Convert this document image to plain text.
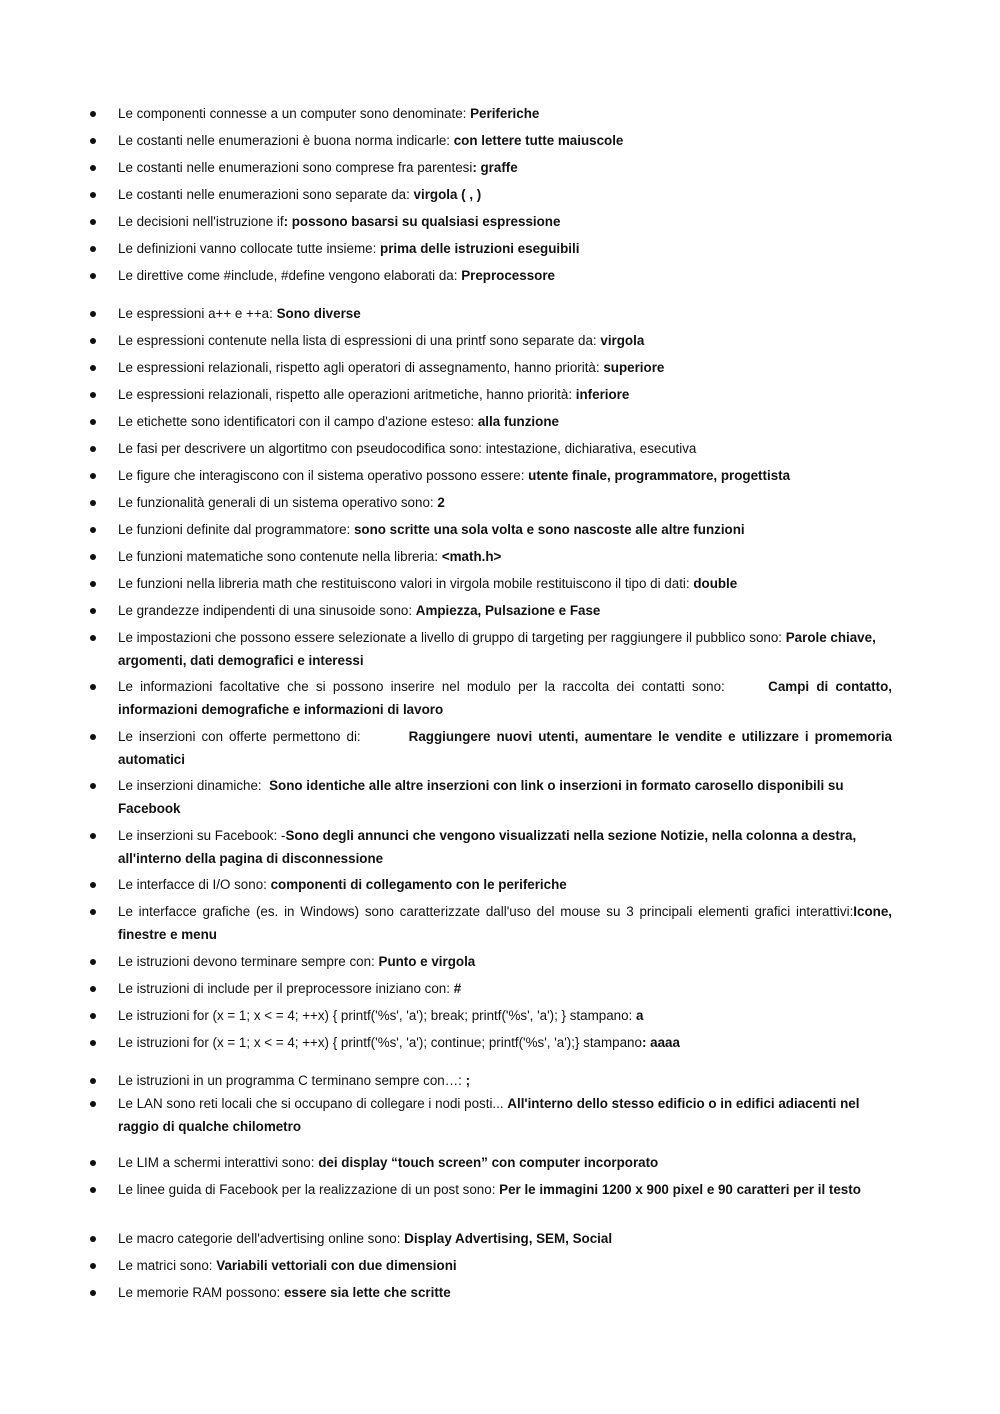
Le componenti connesse a un computer sono denominate: Periferiche
Le costanti nelle enumerazioni è buona norma indicarle: con lettere tutte maiuscole
Le costanti nelle enumerazioni sono comprese fra parentesi: graffe
Le costanti nelle enumerazioni sono separate da: virgola ( , )
Le decisioni nell'istruzione if: possono basarsi su qualsiasi espressione
Le definizioni vanno collocate tutte insieme: prima delle istruzioni eseguibili
Le direttive come #include, #define vengono elaborati da: Preprocessore
Le espressioni a++ e ++a: Sono diverse
Le espressioni contenute nella lista di espressioni di una printf sono separate da: virgola
Le espressioni relazionali, rispetto agli operatori di assegnamento, hanno priorità: superiore
Le espressioni relazionali, rispetto alle operazioni aritmetiche, hanno priorità: inferiore
Le etichette sono identificatori con il campo d'azione esteso: alla funzione
Le fasi per descrivere un algortitmo con pseudocodifica sono: intestazione, dichiarativa, esecutiva
Le figure che interagiscono con il sistema operativo possono essere: utente finale, programmatore, progettista
Le funzionalità generali di un sistema operativo sono: 2
Le funzioni definite dal programmatore: sono scritte una sola volta e sono nascoste alle altre funzioni
Le funzioni matematiche sono contenute nella libreria: <math.h>
Le funzioni nella libreria math che restituiscono valori in virgola mobile restituiscono il tipo di dati: double
Le grandezze indipendenti di una sinusoide sono: Ampiezza, Pulsazione e Fase
Le impostazioni che possono essere selezionate a livello di gruppo di targeting per raggiungere il pubblico sono: Parole chiave, argomenti, dati demografici e interessi
Le informazioni facoltative che si possono inserire nel modulo per la raccolta dei contatti sono:      Campi di contatto, informazioni demografiche e informazioni di lavoro
Le inserzioni con offerte permettono di:        Raggiungere nuovi utenti, aumentare le vendite e utilizzare i promemoria automatici
Le inserzioni dinamiche:  Sono identiche alle altre inserzioni con link o inserzioni in formato carosello disponibili su Facebook
Le inserzioni su Facebook: -Sono degli annunci che vengono visualizzati nella sezione Notizie, nella colonna a destra, all'interno della pagina di disconnessione
Le interfacce di I/O sono: componenti di collegamento con le periferiche
Le interfacce grafiche (es. in Windows) sono caratterizzate dall'uso del mouse su 3 principali elementi grafici interattivi:Icone, finestre e menu
Le istruzioni devono terminare sempre con: Punto e virgola
Le istruzioni di include per il preprocessore iniziano con: #
Le istruzioni for (x = 1; x < = 4; ++x) { printf('%s', 'a'); break; printf('%s', 'a'); } stampano: a
Le istruzioni for (x = 1; x < = 4; ++x) { printf('%s', 'a'); continue; printf('%s', 'a');} stampano: aaaa
Le istruzioni in un programma C terminano sempre con…: ;
Le LAN sono reti locali che si occupano di collegare i nodi posti... All'interno dello stesso edificio o in edifici adiacenti nel raggio di qualche chilometro
Le LIM a schermi interattivi sono: dei display “touch screen” con computer incorporato
Le linee guida di Facebook per la realizzazione di un post sono: Per le immagini 1200 x 900 pixel e 90 caratteri per il testo
Le macro categorie dell'advertising online sono: Display Advertising, SEM, Social
Le matrici sono: Variabili vettoriali con due dimensioni
Le memorie RAM possono: essere sia lette che scritte
